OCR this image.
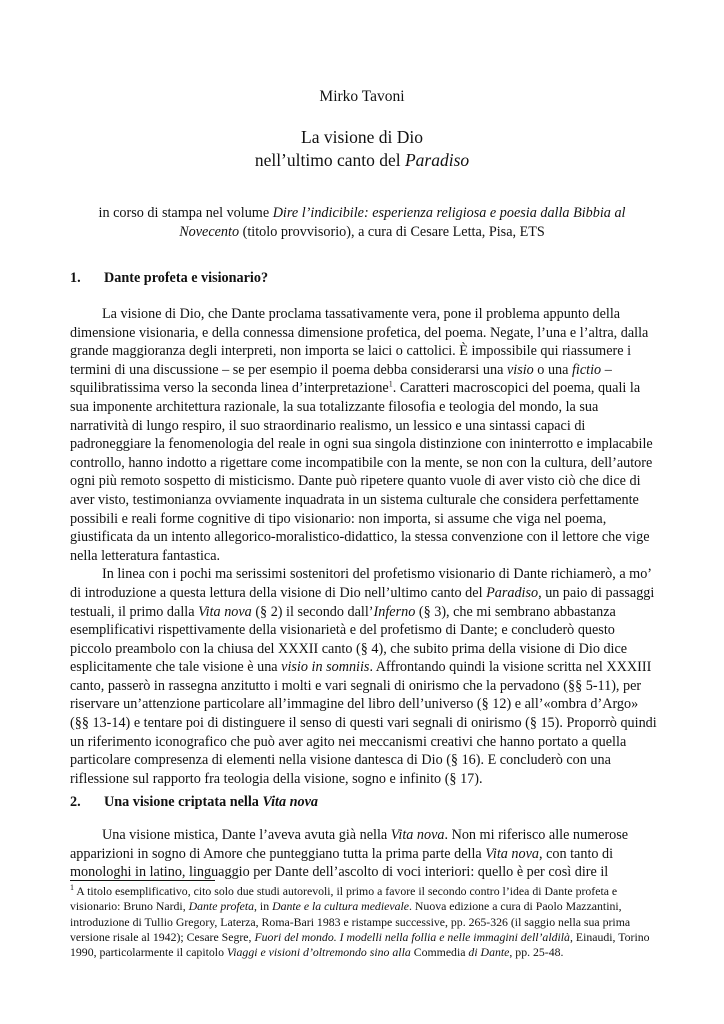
Mirko Tavoni
La visione di Dio
nell’ultimo canto del Paradiso
in corso di stampa nel volume Dire l’indicibile: esperienza religiosa e poesia dalla Bibbia al Novecento (titolo provvisorio), a cura di Cesare Letta, Pisa, ETS
1. Dante profeta e visionario?

La visione di Dio, che Dante proclama tassativamente vera, pone il problema appunto della dimensione visionaria, e della connessa dimensione profetica, del poema. Negate, l’una e l’altra, dalla grande maggioranza degli interpreti, non importa se laici o cattolici. È impossibile qui riassumere i termini di una discussione – se per esempio il poema debba considerarsi una visio o una fictio – squilibratissima verso la seconda linea d’interpretazione$^1$. Caratteri macroscopici del poema, quali la sua imponente architettura razionale, la sua totalizzante filosofia e teologia del mondo, la sua narratività di lungo respiro, il suo straordinario realismo, un lessico e una sintassi capaci di padroneggiare la fenomenologia del reale in ogni sua singola distinzione con ininterrotto e implacabile controllo, hanno indotto a rigettare come incompatibile con la mente, se non con la cultura, dell’autore ogni più remoto sospetto di misticismo. Dante può ripetere quanto vuole di aver visto ciò che dice di aver visto, testimonianza ovviamente inquadrata in un sistema culturale che considera perfettamente possibili e reali forme cognitive di tipo visionario: non importa, si assume che viga nel poema, giustificata da un intento allegorico-moralistico-didattico, la stessa convenzione con il lettore che vige nella letteratura fantastica.

In linea con i pochi ma serissimi sostenitori del profetismo visionario di Dante richiamerò, a mo’ di introduzione a questa lettura della visione di Dio nell’ultimo canto del Paradiso, un paio di passaggi testuali, il primo dalla Vita nova (§ 2) il secondo dall’Inferno (§ 3), che mi sembrano abbastanza esemplificativi rispettivamente della visionarietà e del profetismo di Dante; e concluderò questo piccolo preambolo con la chiusa del XXXII canto (§ 4), che subito prima della visione di Dio dice esplicitamente che tale visione è una visio in somniis. Affrontando quindi la visione scritta nel XXXIII canto, passerò in rassegna anzitutto i molti e vari segnali di onirismo che la pervadono (§§ 5-11), per riservare un’attenzione particolare all’immagine del libro dell’universo (§ 12) e all’«ombra d’Argo» (§§ 13-14) e tentare poi di distinguere il senso di questi vari segnali di onirismo (§ 15). Proporrò quindi un riferimento iconografico che può aver agito nei meccanismi creativi che hanno portato a quella particolare compresenza di elementi nella visione dantesca di Dio (§ 16). E concluderò con una riflessione sul rapporto fra teologia della visione, sogno e infinito (§ 17).

2. Una visione criptata nella Vita nova

Una visione mistica, Dante l’aveva avuta già nella Vita nova. Non mi riferisco alle numerose apparizioni in sogno di Amore che punteggiano tutta la prima parte della Vita nova, con tanto di monologhi in latino, linguaggio per Dante dell’ascolto di voci interiori: quello è per così dire il

$^1$ A titolo esemplificativo, cito solo due studi autorevoli, il primo a favore il secondo contro l’idea di Dante profeta e visionario: Bruno Nardi, Dante profeta, in Dante e la cultura medievale. Nuova edizione a cura di Paolo Mazzantini, introduzione di Tullio Gregory, Laterza, Roma-Bari 1983 e ristampe successive, pp. 265-326 (il saggio nella sua prima versione risale al 1942); Cesare Segre, Fuori del mondo. I modelli nella follia e nelle immagini dell’aldilà, Einaudi, Torino 1990, particolarmente il capitolo Viaggi e visioni d’oltremondo sino alla Commedia di Dante, pp. 25-48.
